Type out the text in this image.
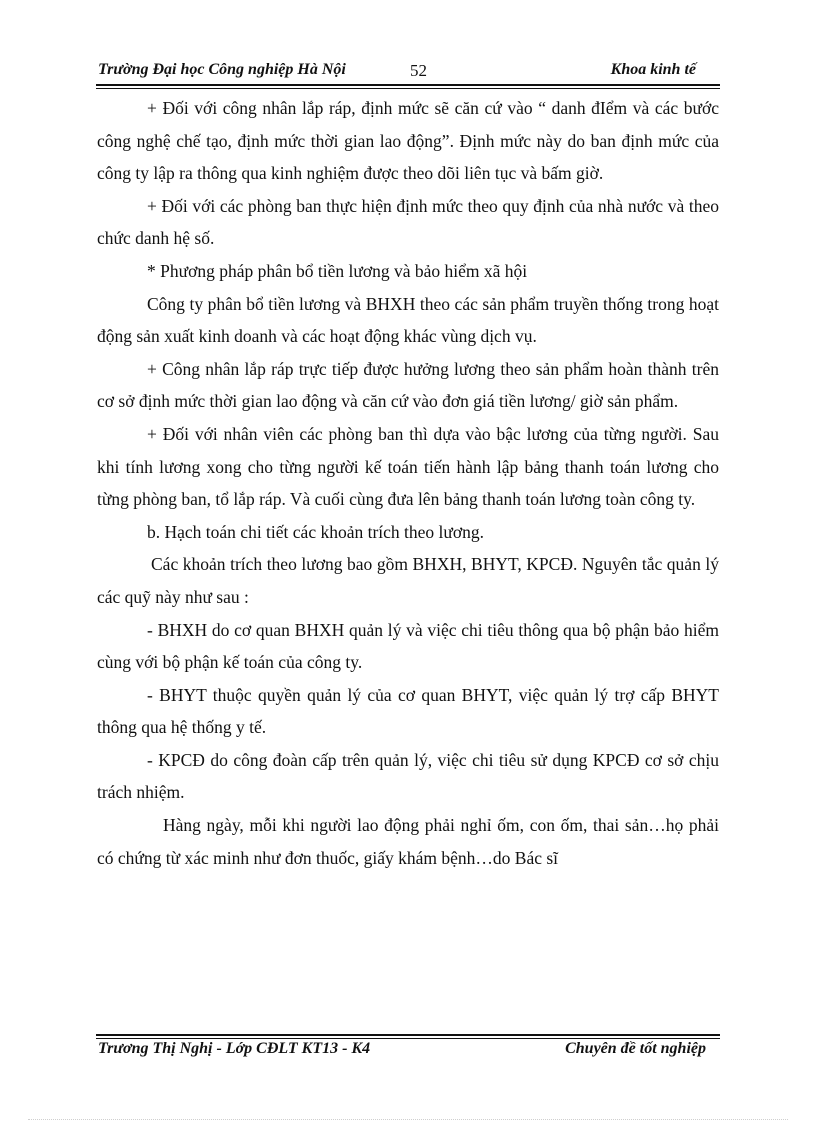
Trường Đại học Công nghiệp Hà Nội	52	Khoa kinh tế

+ Đối với công nhân lắp ráp, định mức sẽ căn cứ vào “ danh đIểm và các bước công nghệ chế tạo, định mức thời gian lao động”. Định mức này do ban định mức của công ty lập ra thông qua kinh nghiệm được theo dõi liên tục và bấm giờ.

+ Đối với các phòng ban thực hiện định mức theo quy định của nhà nước và theo chức danh hệ số.

* Phương pháp phân bổ tiền lương và bảo hiểm xã hội

Công ty phân bổ tiền lương và BHXH theo các sản phẩm truyền thống trong hoạt động sản xuất kinh doanh và các hoạt động khác vùng dịch vụ.

+ Công nhân lắp ráp trực tiếp được hưởng lương theo sản phẩm hoàn thành trên cơ sở định mức thời gian lao động và căn cứ vào đơn giá tiền lương/ giờ sản phẩm.

+ Đối với nhân viên các phòng ban thì dựa vào bậc lương của từng người. Sau khi tính lương xong cho từng người kế toán tiến hành lập bảng thanh toán lương cho từng phòng ban, tổ lắp ráp. Và cuối cùng đưa lên bảng thanh toán lương toàn công ty.

b. Hạch toán chi tiết các khoản trích theo lương.

Các khoản trích theo lương bao gồm BHXH, BHYT, KPCĐ. Nguyên tắc quản lý các quỹ này như sau :

- BHXH do cơ quan BHXH quản lý và việc chi tiêu thông qua bộ phận bảo hiểm cùng với bộ phận kế toán của công ty.

- BHYT thuộc quyền quản lý của cơ quan BHYT, việc quản lý trợ cấp BHYT thông qua hệ thống y tế.

- KPCĐ do công đoàn cấp trên quản lý, việc chi tiêu sử dụng KPCĐ cơ sở chịu trách nhiệm.

Hàng ngày, mỗi khi người lao động phải nghỉ ốm, con ốm, thai sản…họ phải có chứng từ xác minh như đơn thuốc, giấy khám bệnh…do Bác sĩ

Trương Thị Nghị - Lớp CĐLT KT13 - K4	Chuyên đề tốt nghiệp
